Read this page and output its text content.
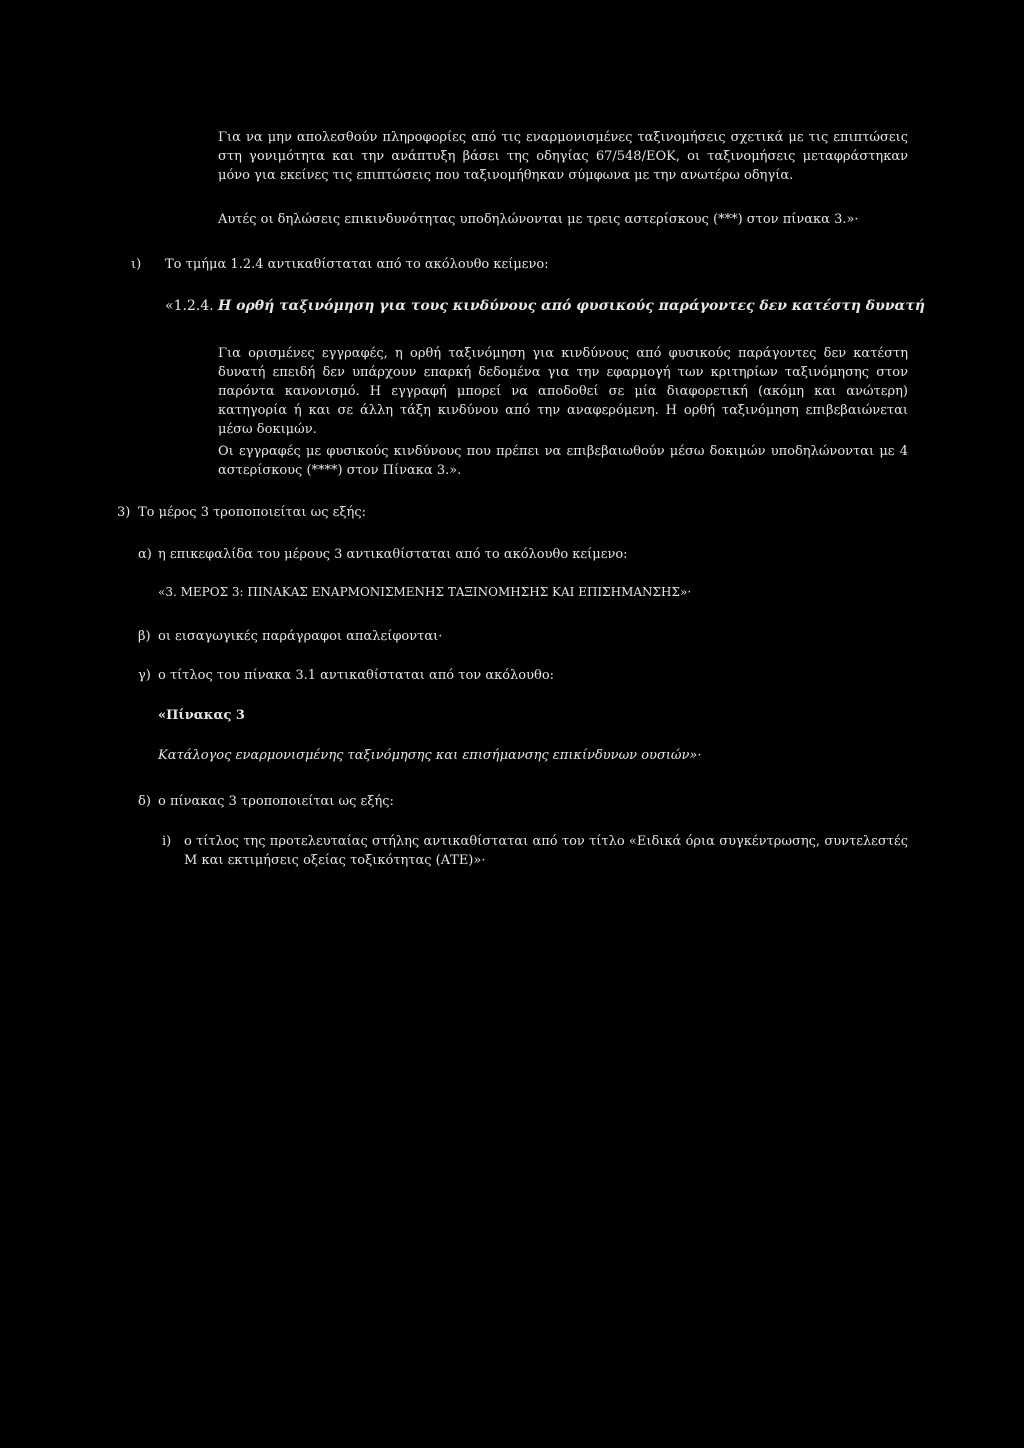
Για να μην απολεσθούν πληροφορίες από τις εναρμονισμένες ταξινομήσεις σχετικά με τις επιπτώσεις στη γονιμότητα και την ανάπτυξη βάσει της οδηγίας 67/548/ΕΟΚ, οι ταξινομήσεις μεταφράστηκαν μόνο για εκείνες τις επιπτώσεις που ταξινομήθηκαν σύμφωνα με την ανωτέρω οδηγία.
Αυτές οι δηλώσεις επικινδυνότητας υποδηλώνονται με τρεις αστερίσκους (***) στον πίνακα 3.»·
ι) Το τμήμα 1.2.4 αντικαθίσταται από το ακόλουθο κείμενο:
«1.2.4. Η ορθή ταξινόμηση για τους κινδύνους από φυσικούς παράγοντες δεν κατέστη δυνατή
Για ορισμένες εγγραφές, η ορθή ταξινόμηση για κινδύνους από φυσικούς παράγοντες δεν κατέστη δυνατή επειδή δεν υπάρχουν επαρκή δεδομένα για την εφαρμογή των κριτηρίων ταξινόμησης στον παρόντα κανονισμό. Η εγγραφή μπορεί να αποδοθεί σε μία διαφορετική (ακόμη και ανώτερη) κατηγορία ή και σε άλλη τάξη κινδύνου από την αναφερόμενη. Η ορθή ταξινόμηση επιβεβαιώνεται μέσω δοκιμών.
Οι εγγραφές με φυσικούς κινδύνους που πρέπει να επιβεβαιωθούν μέσω δοκιμών υποδηλώνονται με 4 αστερίσκους (****) στον Πίνακα 3.».
3) Το μέρος 3 τροποποιείται ως εξής:
α) η επικεφαλίδα του μέρους 3 αντικαθίσταται από το ακόλουθο κείμενο:
«3. ΜΕΡΟΣ 3: ΠΙΝΑΚΑΣ ΕΝΑΡΜΟΝΙΣΜΕΝΗΣ ΤΑΞΙΝΟΜΗΣΗΣ ΚΑΙ ΕΠΙΣΗΜΑΝΣΗΣ»·
β) οι εισαγωγικές παράγραφοι απαλείφονται·
γ) ο τίτλος του πίνακα 3.1 αντικαθίσταται από τον ακόλουθο:
«Πίνακας 3
Κατάλογος εναρμονισμένης ταξινόμησης και επισήμανσης επικίνδυνων ουσιών»·
δ) ο πίνακας 3 τροποποιείται ως εξής:
i) ο τίτλος της προτελευταίας στήλης αντικαθίσταται από τον τίτλο «Ειδικά όρια συγκέντρωσης, συντελεστές Μ και εκτιμήσεις οξείας τοξικότητας (ΑΤΕ)»·
